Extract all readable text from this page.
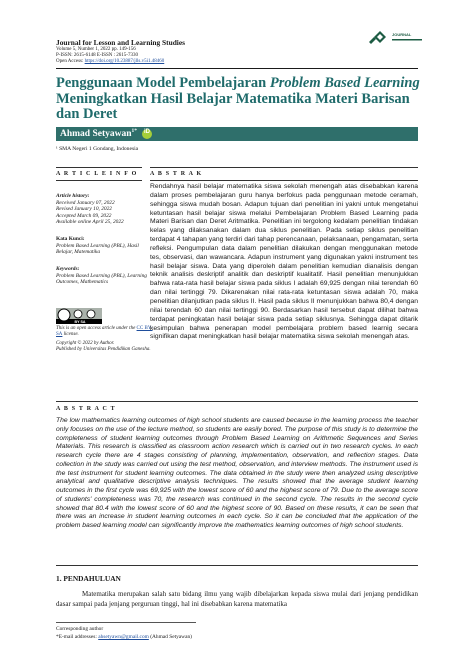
Journal for Lesson and Learning Studies
Volume 5, Number 1, 2022 pp. 149-156
P-ISSN: 2615-6148 E-ISSN : 2615-7330
Open Access: https://doi.org/10.23887/jlls.v5i1.48460
JOURNAL
Penggunaan Model Pembelajaran Problem Based Learning Meningkatkan Hasil Belajar Matematika Materi Barisan dan Deret
Ahmad Setyawan$^{1*}$ iD
¹ SMA Negeri 1 Gondang, Indonesia
A R T I C L E I N F O A B S T R A K
Article history:
Received January 07, 2022
Revised January 10, 2022
Accepted March 09, 2022
Available online April 25, 2022
Kata Kunci:
Problem Based Learning (PBL), Hasil Belajar, Matematika
Keywords:
Problem Based Learning (PBL), Learning Outcomes, Mathematics
BY SA
This is an open access article under the CC BY-SA license.
Copyright © 2022 by Author.
Published by Universitas Pendidikan Ganesha.
Rendahnya hasil belajar matematika siswa sekolah menengah atas disebabkan karena dalam proses pembelajaran guru hanya berfokus pada penggunaan metode ceramah, sehingga siswa mudah bosan. Adapun tujuan dari penelitian ini yakni untuk mengetahui ketuntasan hasil belajar siswa melalui Pembelajaran Problem Based Learning pada Materi Barisan dan Deret Aritmatika. Penelitian ini tergolong kedalam penelitian tindakan kelas yang dilaksanakan dalam dua siklus penelitian. Pada setiap siklus penelitian terdapat 4 tahapan yang terdiri dari tahap perencanaan, pelaksanaan, pengamatan, serta refleksi. Pengumpulan data dalam penelitian dilakukan dengan menggunakan metode tes, observasi, dan wawancara. Adapun instrument yang digunakan yakni instrument tes hasil belajar siswa. Data yang diperoleh dalam penelitian kemudian dianalisis dengan teknik analisis deskriptif analitik dan deskriptif kualitatif. Hasil penelitian menunjukkan bahwa rata-rata hasil belajar siswa pada siklus I adalah 69,925 dengan nilai terendah 60 dan nilai tertinggi 79. Dikarenakan nilai rata-rata ketuntasan siswa adalah 70, maka penelitian dilanjutkan pada siklus II. Hasil pada siklus II menunjukkan bahwa 80,4 dengan nilai terendah 60 dan nilai tertinggi 90. Berdasarkan hasil tersebut dapat dilihat bahwa terdapat peningkatan hasil belajar siswa pada setiap siklusnya. Sehingga dapat ditarik kesimpulan bahwa penerapan model pembelajara problem based learnig secara signifikan dapat meningkatkan hasil belajar matematika siswa sekolah menengah atas.
A B S T R A C T
The low mathematics learning outcomes of high school students are caused because in the learning process the teacher only focuses on the use of the lecture method, so students are easily bored. The purpose of this study is to determine the completeness of student learning outcomes through Problem Based Learning on Arithmetic Sequences and Series Materials. This research is classified as classroom action research which is carried out in two research cycles. In each research cycle there are 4 stages consisting of planning, implementation, observation, and reflection stages. Data collection in the study was carried out using the test method, observation, and interview methods. The instrument used is the test instrument for student learning outcomes. The data obtained in the study were then analyzed using descriptive analytical and qualitative descriptive analysis techniques. The results showed that the average student learning outcomes in the first cycle was 69,925 with the lowest score of 60 and the highest score of 79. Due to the average score of students' completeness was 70, the research was continued in the second cycle. The results in the second cycle showed that 80.4 with the lowest score of 60 and the highest score of 90. Based on these results, it can be seen that there was an increase in student learning outcomes in each cycle. So it can be concluded that the application of the problem based learning model can significantly improve the mathematics learning outcomes of high school students.
1. PENDAHULUAN
Matematika merupakan salah satu bidang ilmu yang wajib dibelajarkan kepada siswa mulai dari jenjang pendidikan dasar sampai pada jenjang perguruan tinggi, hal ini disebabkan karena matematika
Corresponding author
*E-mail addresses: ahsetyawn@gmail.com (Ahmad Setyawan)
